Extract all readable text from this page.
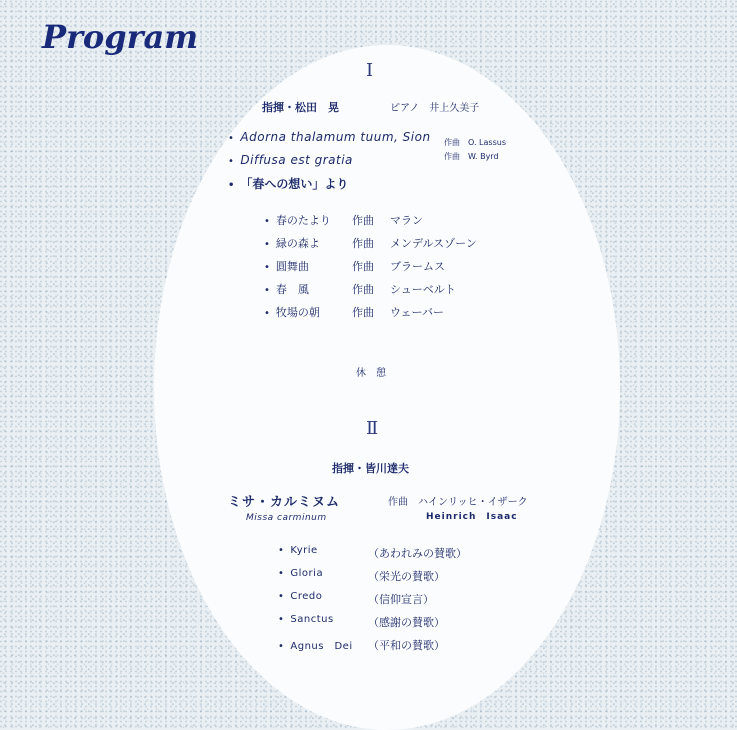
Program
Ⅰ
指揮・松田　晃	ピアノ　井上久美子
• Adorna thalamum tuum, Sion 作曲　 O. Lassus
• Diffusa est gratia	作曲　 W. Byrd
• 「春への想い」より
• 春のたより 作曲 マラン
• 緑の森よ	作曲 メンデルスゾーン
• 圓舞曲	作曲 ブラームス
• 春　風	作曲 シューベルト
• 牧場の朝	作曲 ウェーバー
休　憩
Ⅱ
指揮・皆川達夫
ミサ・カルミヌム
Missa carminum
作曲　 ハインリッヒ・イザーク
Heinrich　Isaac
• Kyrie	（あわれみの賛歌）
• Gloria	（栄光の賛歌）
• Credo	（信仰宣言）
• Sanctus	（感謝の賛歌）
• Agnus　Dei （平和の賛歌）
